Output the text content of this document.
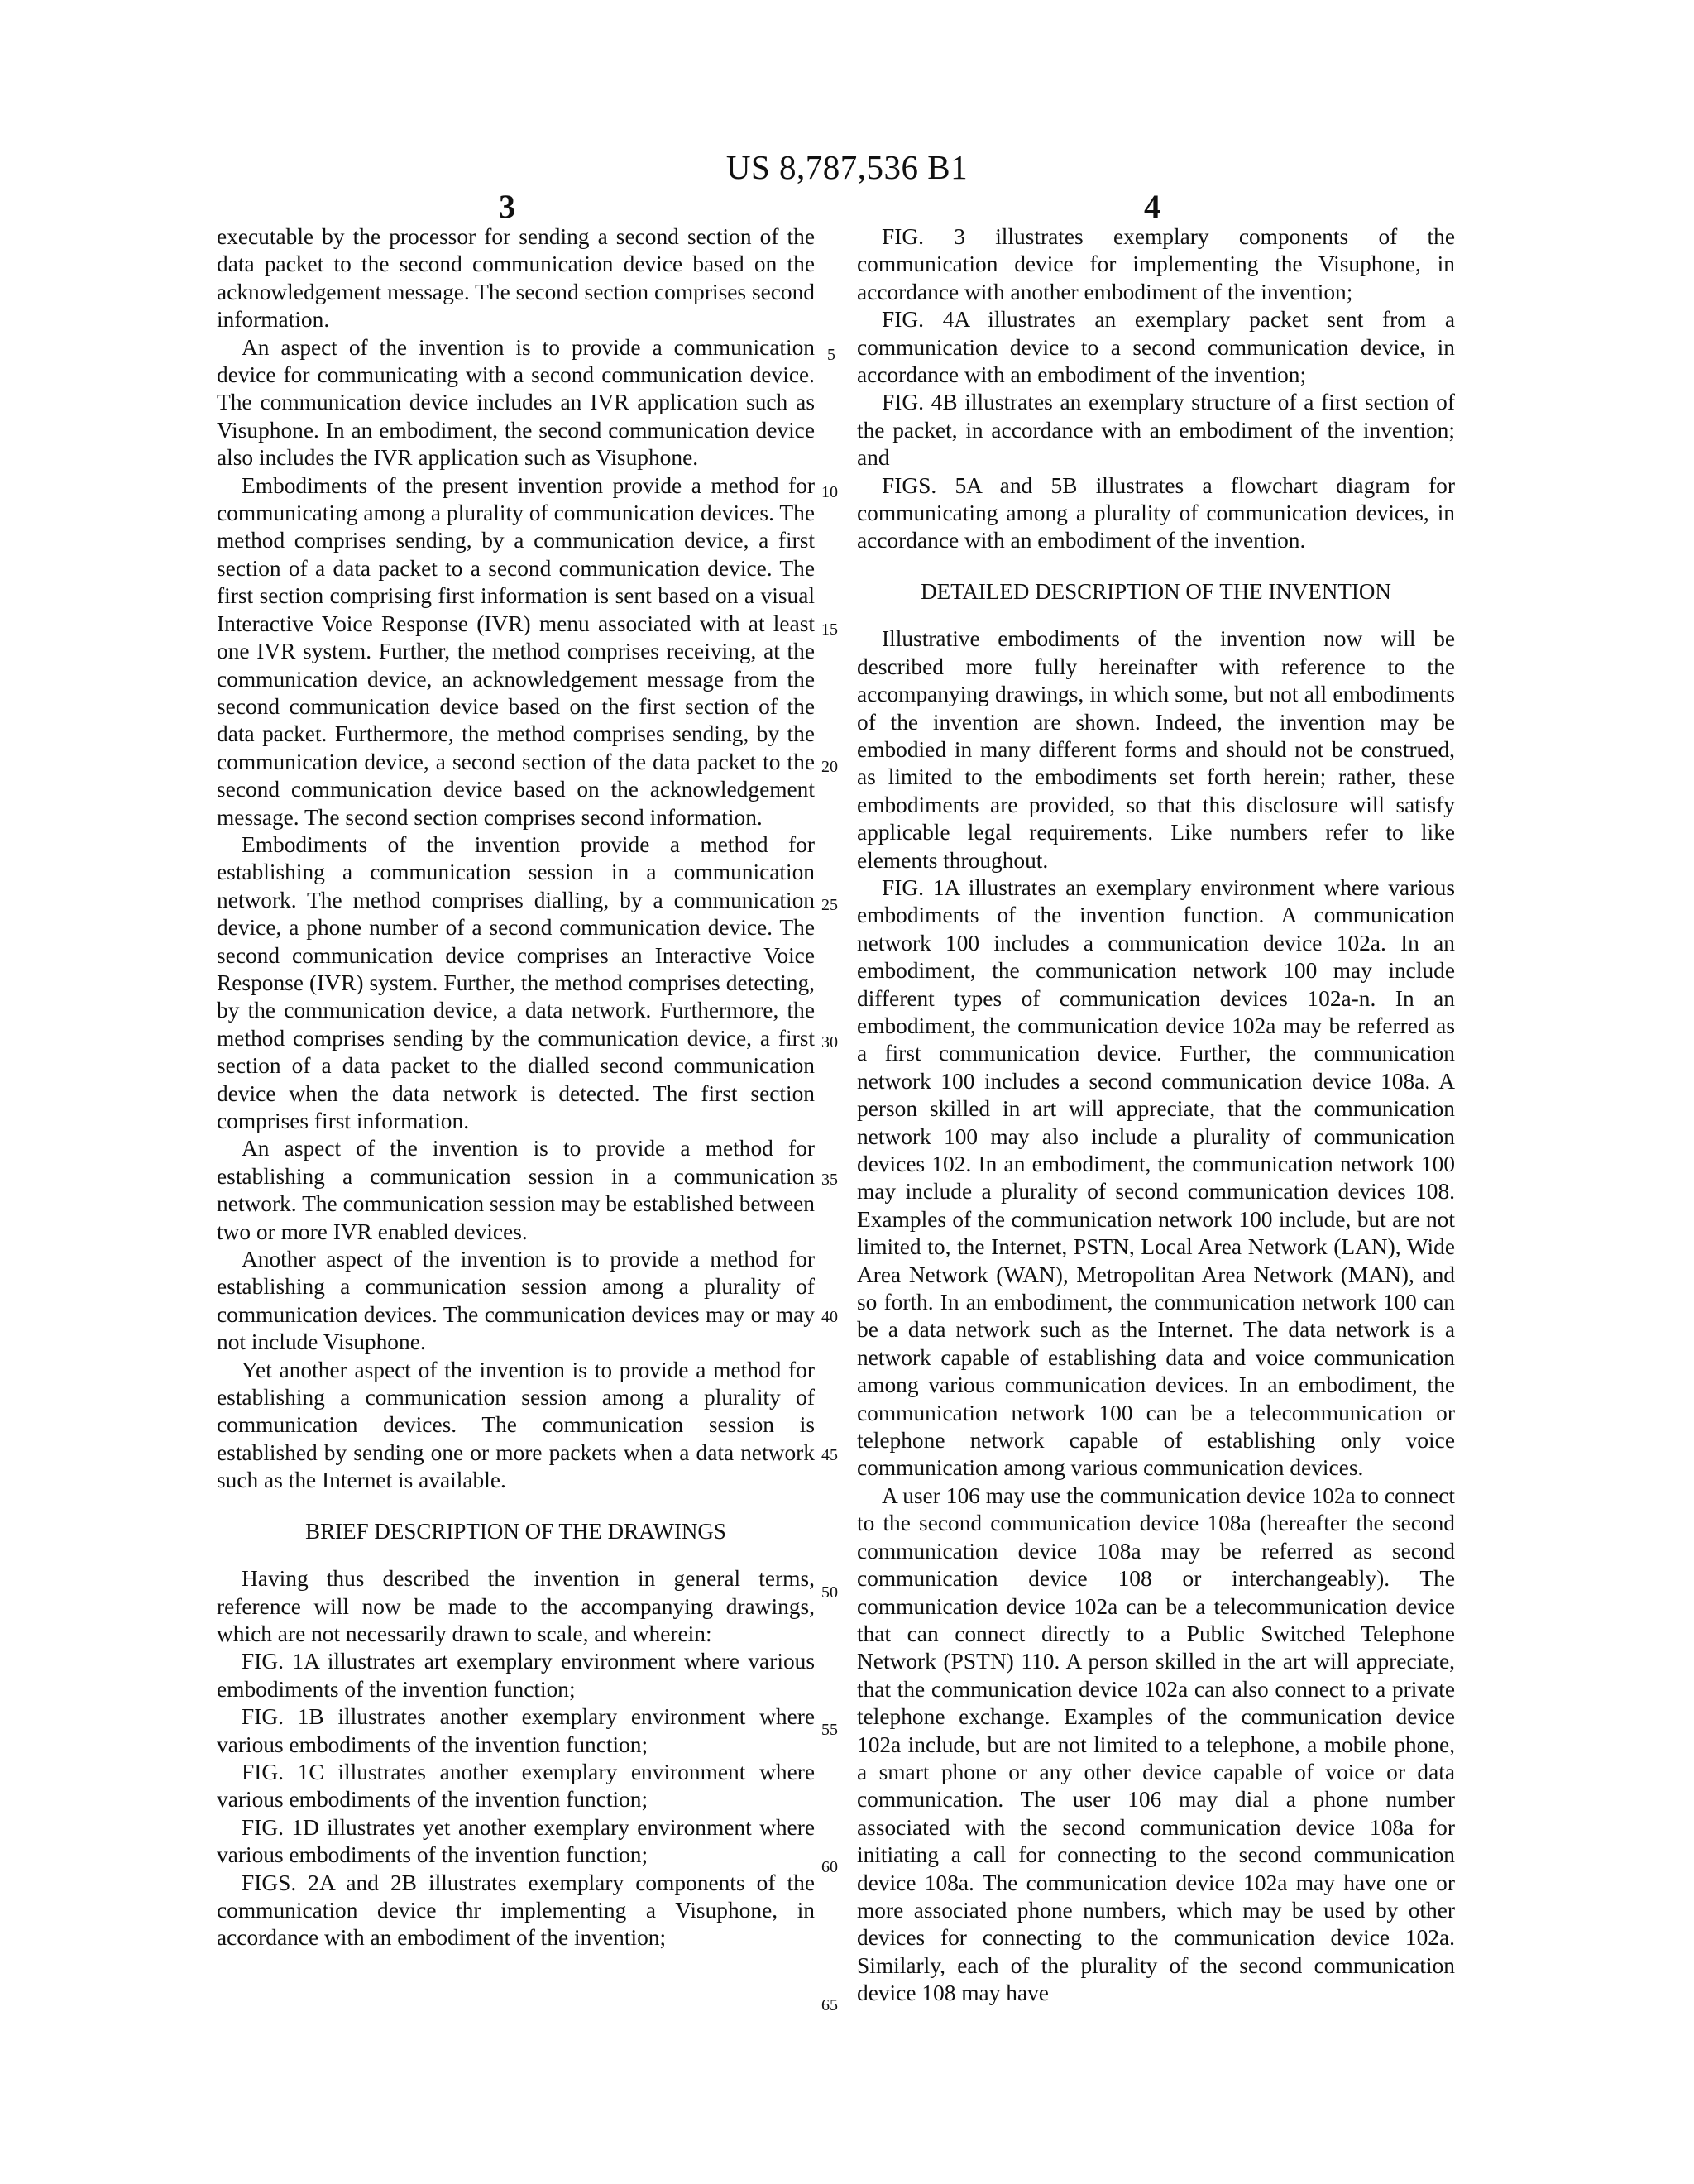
US 8,787,536 B1
3	4

executable by the processor for sending a second section of the data packet to the second communication device based on the acknowledgement message. The second section comprises second information.

An aspect of the invention is to provide a communication device for communicating with a second communication device. The communication device includes an IVR application such as Visuphone. In an embodiment, the second communication device also includes the IVR application such as Visuphone.

Embodiments of the present invention provide a method for communicating among a plurality of communication devices. The method comprises sending, by a communication device, a first section of a data packet to a second communication device. The first section comprising first information is sent based on a visual Interactive Voice Response (IVR) menu associated with at least one IVR system. Further, the method comprises receiving, at the communication device, an acknowledgement message from the second communication device based on the first section of the data packet. Furthermore, the method comprises sending, by the communication device, a second section of the data packet to the second communication device based on the acknowledgement message. The second section comprises second information.

Embodiments of the invention provide a method for establishing a communication session in a communication network. The method comprises dialling, by a communication device, a phone number of a second communication device. The second communication device comprises an Interactive Voice Response (IVR) system. Further, the method comprises detecting, by the communication device, a data network. Furthermore, the method comprises sending by the communication device, a first section of a data packet to the dialled second communication device when the data network is detected. The first section comprises first information.

An aspect of the invention is to provide a method for establishing a communication session in a communication network. The communication session may be established between two or more IVR enabled devices.

Another aspect of the invention is to provide a method for establishing a communication session among a plurality of communication devices. The communication devices may or may not include Visuphone.

Yet another aspect of the invention is to provide a method for establishing a communication session among a plurality of communication devices. The communication session is established by sending one or more packets when a data network such as the Internet is available.

BRIEF DESCRIPTION OF THE DRAWINGS

Having thus described the invention in general terms, reference will now be made to the accompanying drawings, which are not necessarily drawn to scale, and wherein:

FIG. 1A illustrates art exemplary environment where various embodiments of the invention function;

FIG. 1B illustrates another exemplary environment where various embodiments of the invention function;

FIG. 1C illustrates another exemplary environment where various embodiments of the invention function;

FIG. 1D illustrates yet another exemplary environment where various embodiments of the invention function;

FIGS. 2A and 2B illustrates exemplary components of the communication device thr implementing a Visuphone, in accordance with an embodiment of the invention;

5
10
15
20
25
30
35
40
45
50
55
60
65

FIG. 3 illustrates exemplary components of the communication device for implementing the Visuphone, in accordance with another embodiment of the invention;

FIG. 4A illustrates an exemplary packet sent from a communication device to a second communication device, in accordance with an embodiment of the invention;

FIG. 4B illustrates an exemplary structure of a first section of the packet, in accordance with an embodiment of the invention; and

FIGS. 5A and 5B illustrates a flowchart diagram for communicating among a plurality of communication devices, in accordance with an embodiment of the invention.

DETAILED DESCRIPTION OF THE INVENTION

Illustrative embodiments of the invention now will be described more fully hereinafter with reference to the accompanying drawings, in which some, but not all embodiments of the invention are shown. Indeed, the invention may be embodied in many different forms and should not be construed, as limited to the embodiments set forth herein; rather, these embodiments are provided, so that this disclosure will satisfy applicable legal requirements. Like numbers refer to like elements throughout.

FIG. 1A illustrates an exemplary environment where various embodiments of the invention function. A communication network 100 includes a communication device 102a. In an embodiment, the communication network 100 may include different types of communication devices 102a-n. In an embodiment, the communication device 102a may be referred as a first communication device. Further, the communication network 100 includes a second communication device 108a. A person skilled in art will appreciate, that the communication network 100 may also include a plurality of communication devices 102. In an embodiment, the communication network 100 may include a plurality of second communication devices 108. Examples of the communication network 100 include, but are not limited to, the Internet, PSTN, Local Area Network (LAN), Wide Area Network (WAN), Metropolitan Area Network (MAN), and so forth. In an embodiment, the communication network 100 can be a data network such as the Internet. The data network is a network capable of establishing data and voice communication among various communication devices. In an embodiment, the communication network 100 can be a telecommunication or telephone network capable of establishing only voice communication among various communication devices.

A user 106 may use the communication device 102a to connect to the second communication device 108a (hereafter the second communication device 108a may be referred as second communication device 108 or interchangeably). The communication device 102a can be a telecommunication device that can connect directly to a Public Switched Telephone Network (PSTN) 110. A person skilled in the art will appreciate, that the communication device 102a can also connect to a private telephone exchange. Examples of the communication device 102a include, but are not limited to a telephone, a mobile phone, a smart phone or any other device capable of voice or data communication. The user 106 may dial a phone number associated with the second communication device 108a for initiating a call for connecting to the second communication device 108a. The communication device 102a may have one or more associated phone numbers, which may be used by other devices for connecting to the communication device 102a. Similarly, each of the plurality of the second communication device 108 may have
